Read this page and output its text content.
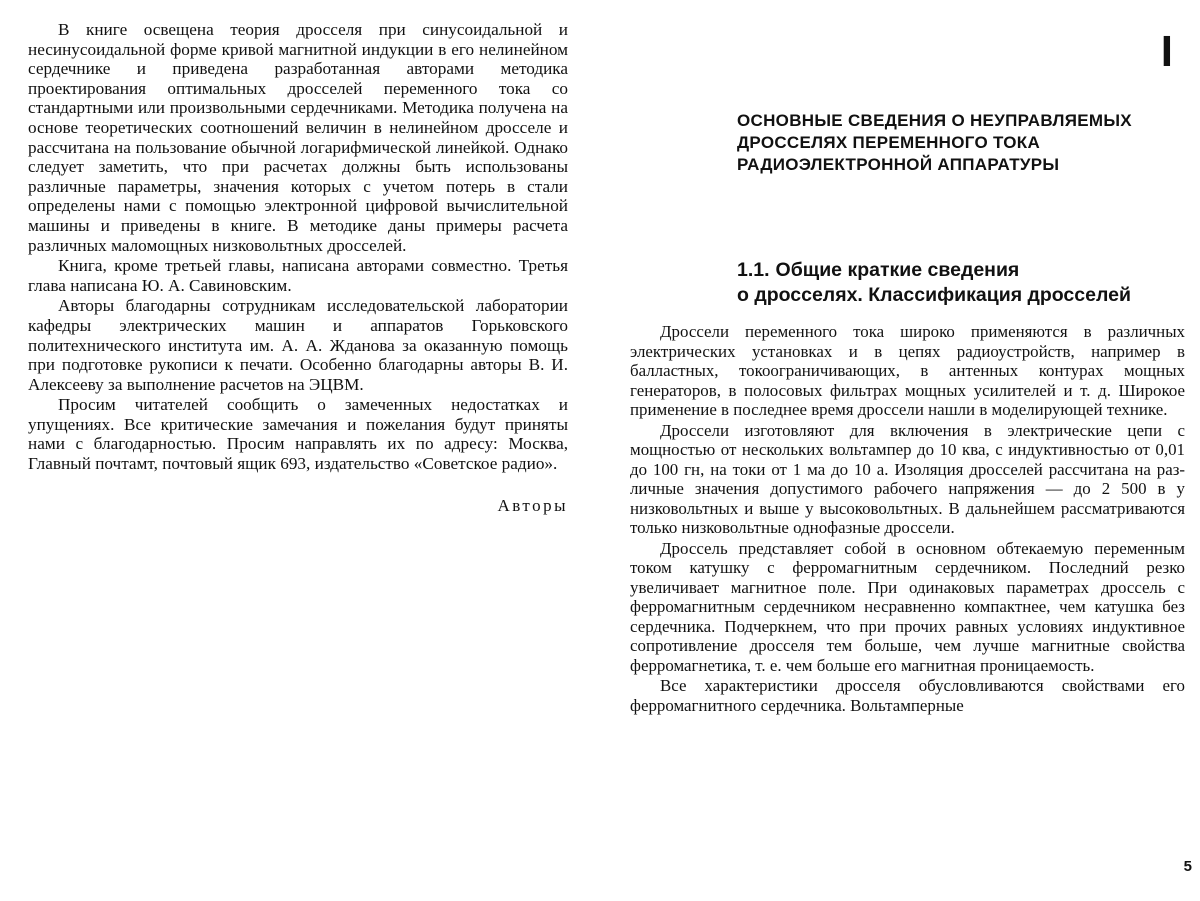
В книге освещена теория дросселя при синусоидальной и несинусоидальной форме кривой магнитной индукции в его нелинейном сердечнике и приведена разработанная авторами методика проектирования оптимальных дросселей переменного тока со стандартными или произвольными сердечниками. Методика получена на основе теоретических соотношений величин в нелинейном дросселе и рассчитана на пользование обычной логарифмической линейкой. Однако следует заметить, что при расчетах должны быть использованы различные параметры, значения которых с учетом потерь в стали определены нами с помощью электронной цифровой вычислительной машины и приведены в книге. В методике даны примеры расчета различных маломощных низковольтных дросселей.

Книга, кроме третьей главы, написана авторами совместно. Третья глава написана Ю. А. Савиновским.

Авторы благодарны сотрудникам исследовательской лаборатории кафедры электрических машин и аппаратов Горьковского политехнического института им. А. А. Жданова за оказанную помощь при подготовке рукописи к печати. Особенно благодарны авторы В. И. Алексееву за выполнение расчетов на ЭЦВМ.

Просим читателей сообщить о замеченных недостатках и упущениях. Все критические замечания и пожелания будут приняты нами с благодарностью. Просим направлять их по адресу: Москва, Главный почтамт, почтовый ящик 693, издательство «Советское радио».

Авторы
I
ОСНОВНЫЕ СВЕДЕНИЯ О НЕУПРАВЛЯЕМЫХ ДРОССЕЛЯХ ПЕРЕМЕННОГО ТОКА РАДИОЭЛЕКТРОННОЙ АППАРАТУРЫ
1.1. Общие краткие сведения
о дросселях. Классификация дросселей

Дроссели переменного тока широко применяются в различных электрических установках и в цепях радиоустройств, например в балластных, токоограничивающих, в антенных контурах мощных генераторов, в полосовых фильтрах мощных усилителей и т. д. Широкое применение в последнее время дроссели нашли в моделирующей технике.

Дроссели изготовляют для включения в электрические цепи с мощностью от нескольких вольтампер до 10 ква, с индуктивностью от 0,01 до 100 гн, на токи от 1 ма до 10 а. Изоляция дросселей рассчитана на различные значения допустимого рабочего напряжения — до 2 500 в у низковольтных и выше у высоковольтных. В дальнейшем рассматриваются только низковольтные однофазные дроссели.

Дроссель представляет собой в основном обтекаемую переменным током катушку с ферромагнитным сердечником. Последний резко увеличивает магнитное поле. При одинаковых параметрах дроссель с ферромагнитным сердечником несравненно компактнее, чем катушка без сердечника. Подчеркнем, что при прочих равных условиях индуктивное сопротивление дросселя тем больше, чем лучше магнитные свойства ферромагнетика, т. е. чем больше его магнитная проницаемость.

Все характеристики дросселя обусловливаются свойствами его ферромагнитного сердечника. Вольтамперные

5
